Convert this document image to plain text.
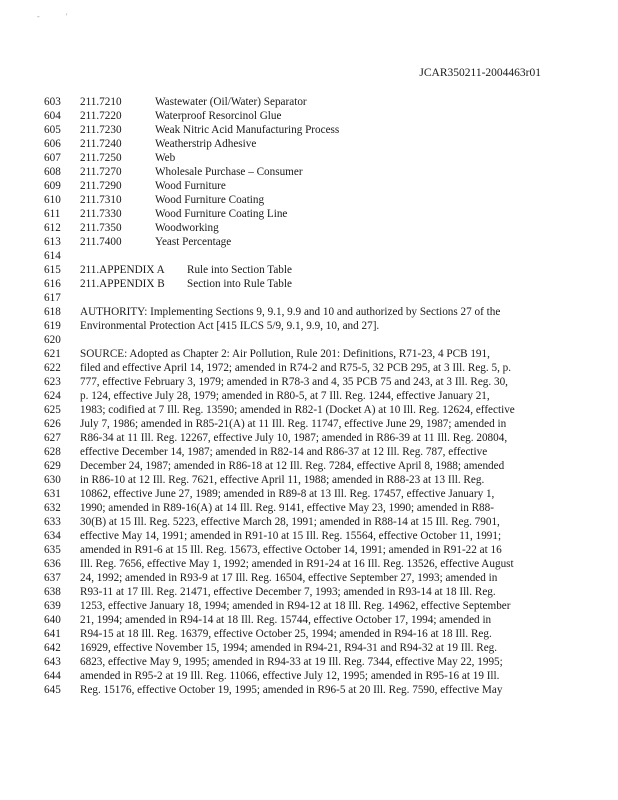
-	'
JCAR350211-2004463r01
603	211.7210	Wastewater (Oil/Water) Separator
604	211.7220	Waterproof Resorcinol Glue
605	211.7230	Weak Nitric Acid Manufacturing Process
606	211.7240	Weatherstrip Adhesive
607	211.7250	Web
608	211.7270	Wholesale Purchase – Consumer
609	211.7290	Wood Furniture
610	211.7310	Wood Furniture Coating
611	211.7330	Wood Furniture Coating Line
612	211.7350	Woodworking
613	211.7400	Yeast Percentage
614
615	211.APPENDIX A Rule into Section Table
616	211.APPENDIX B Section into Rule Table
617
618	AUTHORITY: Implementing Sections 9, 9.1, 9.9 and 10 and authorized by Sections 27 of the
619	Environmental Protection Act [415 ILCS 5/9, 9.1, 9.9, 10, and 27].
620
621	SOURCE: Adopted as Chapter 2: Air Pollution, Rule 201: Definitions, R71-23, 4 PCB 191,
622	filed and effective April 14, 1972; amended in R74-2 and R75-5, 32 PCB 295, at 3 Ill. Reg. 5, p.
623	777, effective February 3, 1979; amended in R78-3 and 4, 35 PCB 75 and 243, at 3 Ill. Reg. 30,
624	p. 124, effective July 28, 1979; amended in R80-5, at 7 Ill. Reg. 1244, effective January 21,
625	1983; codified at 7 Ill. Reg. 13590; amended in R82-1 (Docket A) at 10 Ill. Reg. 12624, effective
626	July 7, 1986; amended in R85-21(A) at 11 Ill. Reg. 11747, effective June 29, 1987; amended in
627	R86-34 at 11 Ill. Reg. 12267, effective July 10, 1987; amended in R86-39 at 11 Ill. Reg. 20804,
628	effective December 14, 1987; amended in R82-14 and R86-37 at 12 Ill. Reg. 787, effective
629	December 24, 1987; amended in R86-18 at 12 Ill. Reg. 7284, effective April 8, 1988; amended
630	in R86-10 at 12 Ill. Reg. 7621, effective April 11, 1988; amended in R88-23 at 13 Ill. Reg.
631	10862, effective June 27, 1989; amended in R89-8 at 13 Ill. Reg. 17457, effective January 1,
632	1990; amended in R89-16(A) at 14 Ill. Reg. 9141, effective May 23, 1990; amended in R88-
633	30(B) at 15 Ill. Reg. 5223, effective March 28, 1991; amended in R88-14 at 15 Ill. Reg. 7901,
634	effective May 14, 1991; amended in R91-10 at 15 Ill. Reg. 15564, effective October 11, 1991;
635	amended in R91-6 at 15 Ill. Reg. 15673, effective October 14, 1991; amended in R91-22 at 16
636	Ill. Reg. 7656, effective May 1, 1992; amended in R91-24 at 16 Ill. Reg. 13526, effective August
637	24, 1992; amended in R93-9 at 17 Ill. Reg. 16504, effective September 27, 1993; amended in
638	R93-11 at 17 Ill. Reg. 21471, effective December 7, 1993; amended in R93-14 at 18 Ill. Reg.
639	1253, effective January 18, 1994; amended in R94-12 at 18 Ill. Reg. 14962, effective September
640	21, 1994; amended in R94-14 at 18 Ill. Reg. 15744, effective October 17, 1994; amended in
641	R94-15 at 18 Ill. Reg. 16379, effective October 25, 1994; amended in R94-16 at 18 Ill. Reg.
642	16929, effective November 15, 1994; amended in R94-21, R94-31 and R94-32 at 19 Ill. Reg.
643	6823, effective May 9, 1995; amended in R94-33 at 19 Ill. Reg. 7344, effective May 22, 1995;
644	amended in R95-2 at 19 Ill. Reg. 11066, effective July 12, 1995; amended in R95-16 at 19 Ill.
645	Reg. 15176, effective October 19, 1995; amended in R96-5 at 20 Ill. Reg. 7590, effective May
